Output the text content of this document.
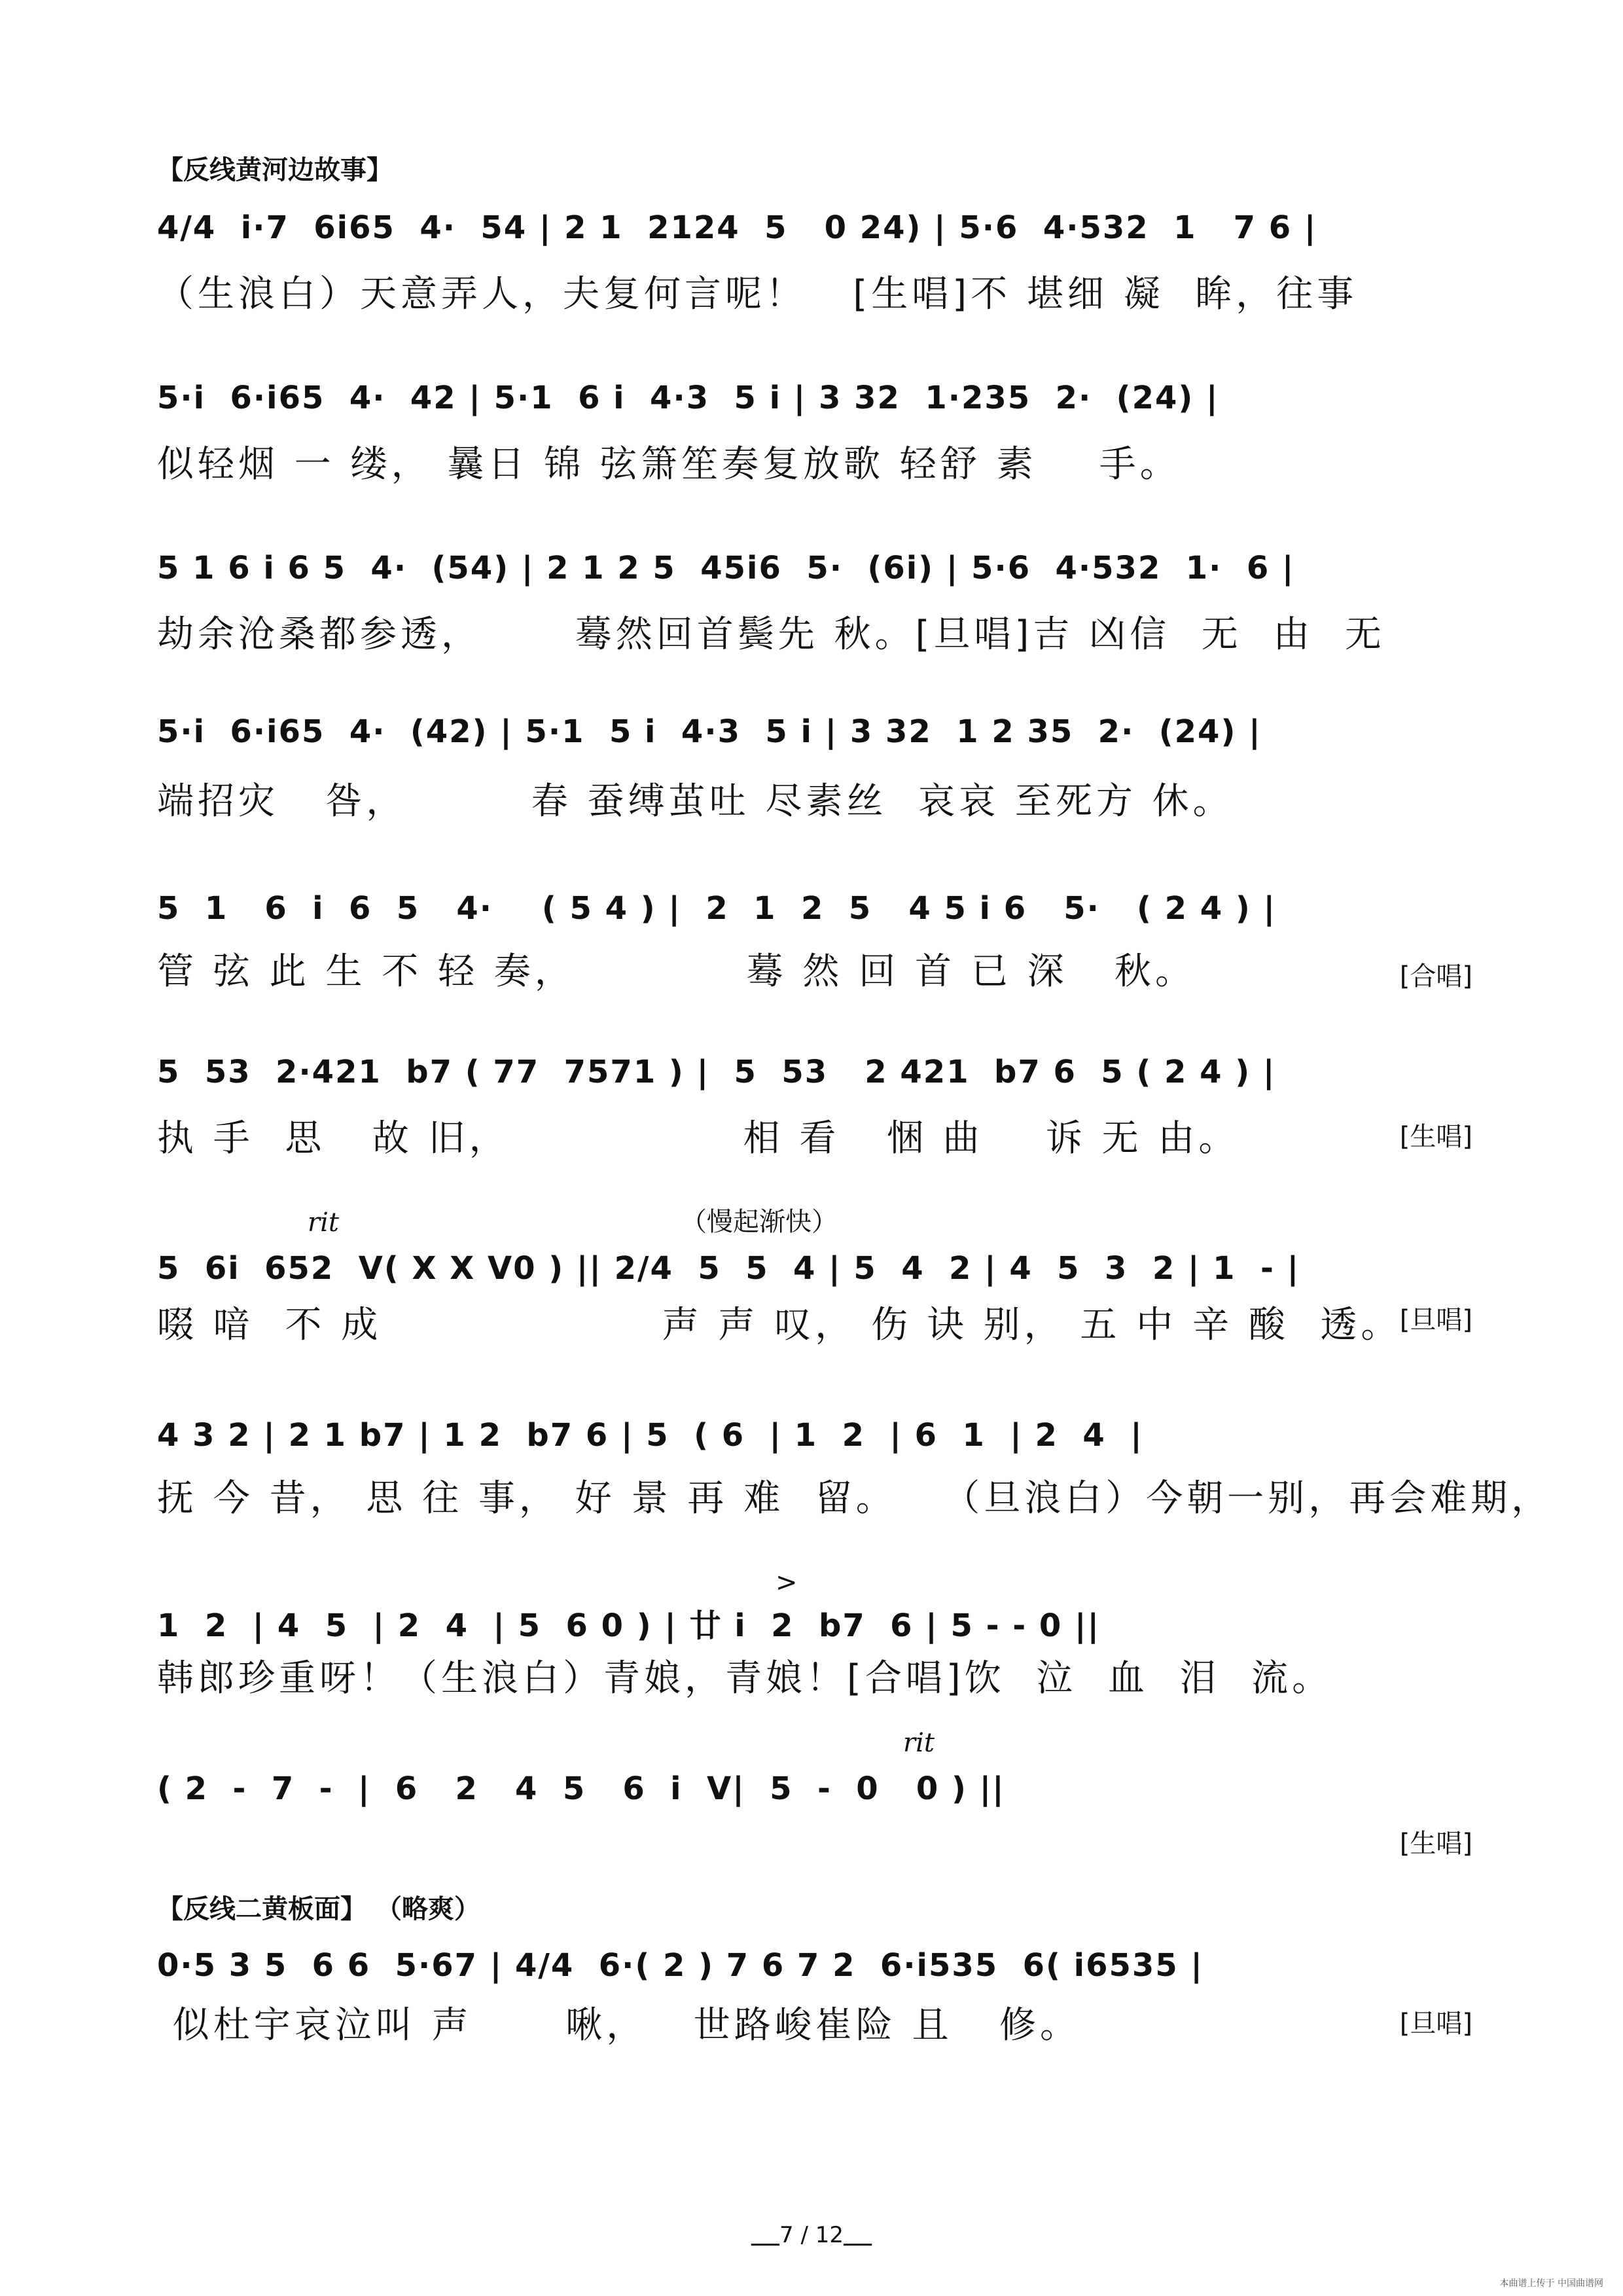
【反线黄河边故事】
4/4  i·7  6i65  4·  54 | 2 1  2124  5   0 24) | 5·6  4·532  1   7 6 |
（生浪白）天意弄人，夫复何言呢！   [生唱]不 堪细 凝  眸，往事
5·i  6·i65  4·  42 | 5·1  6 i  4·3  5 i | 3 32  1·235  2·  (24) |
似轻烟 一 缕， 曩日 锦 弦箫笙奏复放歌 轻舒 素    手。
5 1 6 i 6 5  4·  (54) | 2 1 2 5  45i6  5·  (6i) | 5·6  4·532  1·  6 |
劫余沧桑都参透，      蓦然回首鬓先 秋。[旦唱]吉 凶信  无  由  无
5·i  6·i65  4·  (42) | 5·1  5 i  4·3  5 i | 3 32  1 2 35  2·  (24) |
端招灾   咎，        春 蚕缚茧吐 尽素丝  哀哀 至死方 休。
5  1   6  i  6  5   4·    ( 5 4 ) |  2  1  2  5   4 5 i 6   5·   ( 2 4 ) |
管 弦 此 生 不 轻 奏，           蓦 然 回 首 已 深   秋。	[合唱]
5  53  2·421  b7 ( 77  7571 ) |  5  53   2 421  b7 6  5 ( 2 4 ) |
执 手  思   故 旧，               相 看   悃 曲    诉 无 由。	[生唱]
rit	（慢起渐快）
5  6i  652  V( X X V0 ) || 2/4  5  5  4 | 5  4  2 | 4  5  3  2 | 1  - |
啜 喑  不 成                  声 声 叹， 伤 诀 别， 五 中 辛 酸  透。
[旦唱]
4 3 2 | 2 1 b7 | 1 2  b7 6 | 5  ( 6  | 1  2  | 6  1  | 2  4  |
抚 今 昔， 思 往 事， 好 景 再 难  留。   （旦浪白）今朝一别，再会难期，
>
1  2  | 4  5  | 2  4  | 5  6 0 ) | 廿 i  2  b7  6 | 5 - - 0 ||
韩郎珍重呀！（生浪白）青娘，青娘！[合唱]饮  泣  血  泪  流。
rit
( 2  -  7  -  |  6   2   4  5   6  i  V|  5  -  0   0 ) ||
[生唱]
【反线二黄板面】 （略爽）
0·5 3 5  6 6  5·67 | 4/4  6·( 2 ) 7 6 7 2  6·i535  6( i6535 |
似杜宇哀泣叫 声      啾，   世路峻崔险 且   修。	[旦唱]
7 / 12
本曲谱上传于 中国曲谱网
